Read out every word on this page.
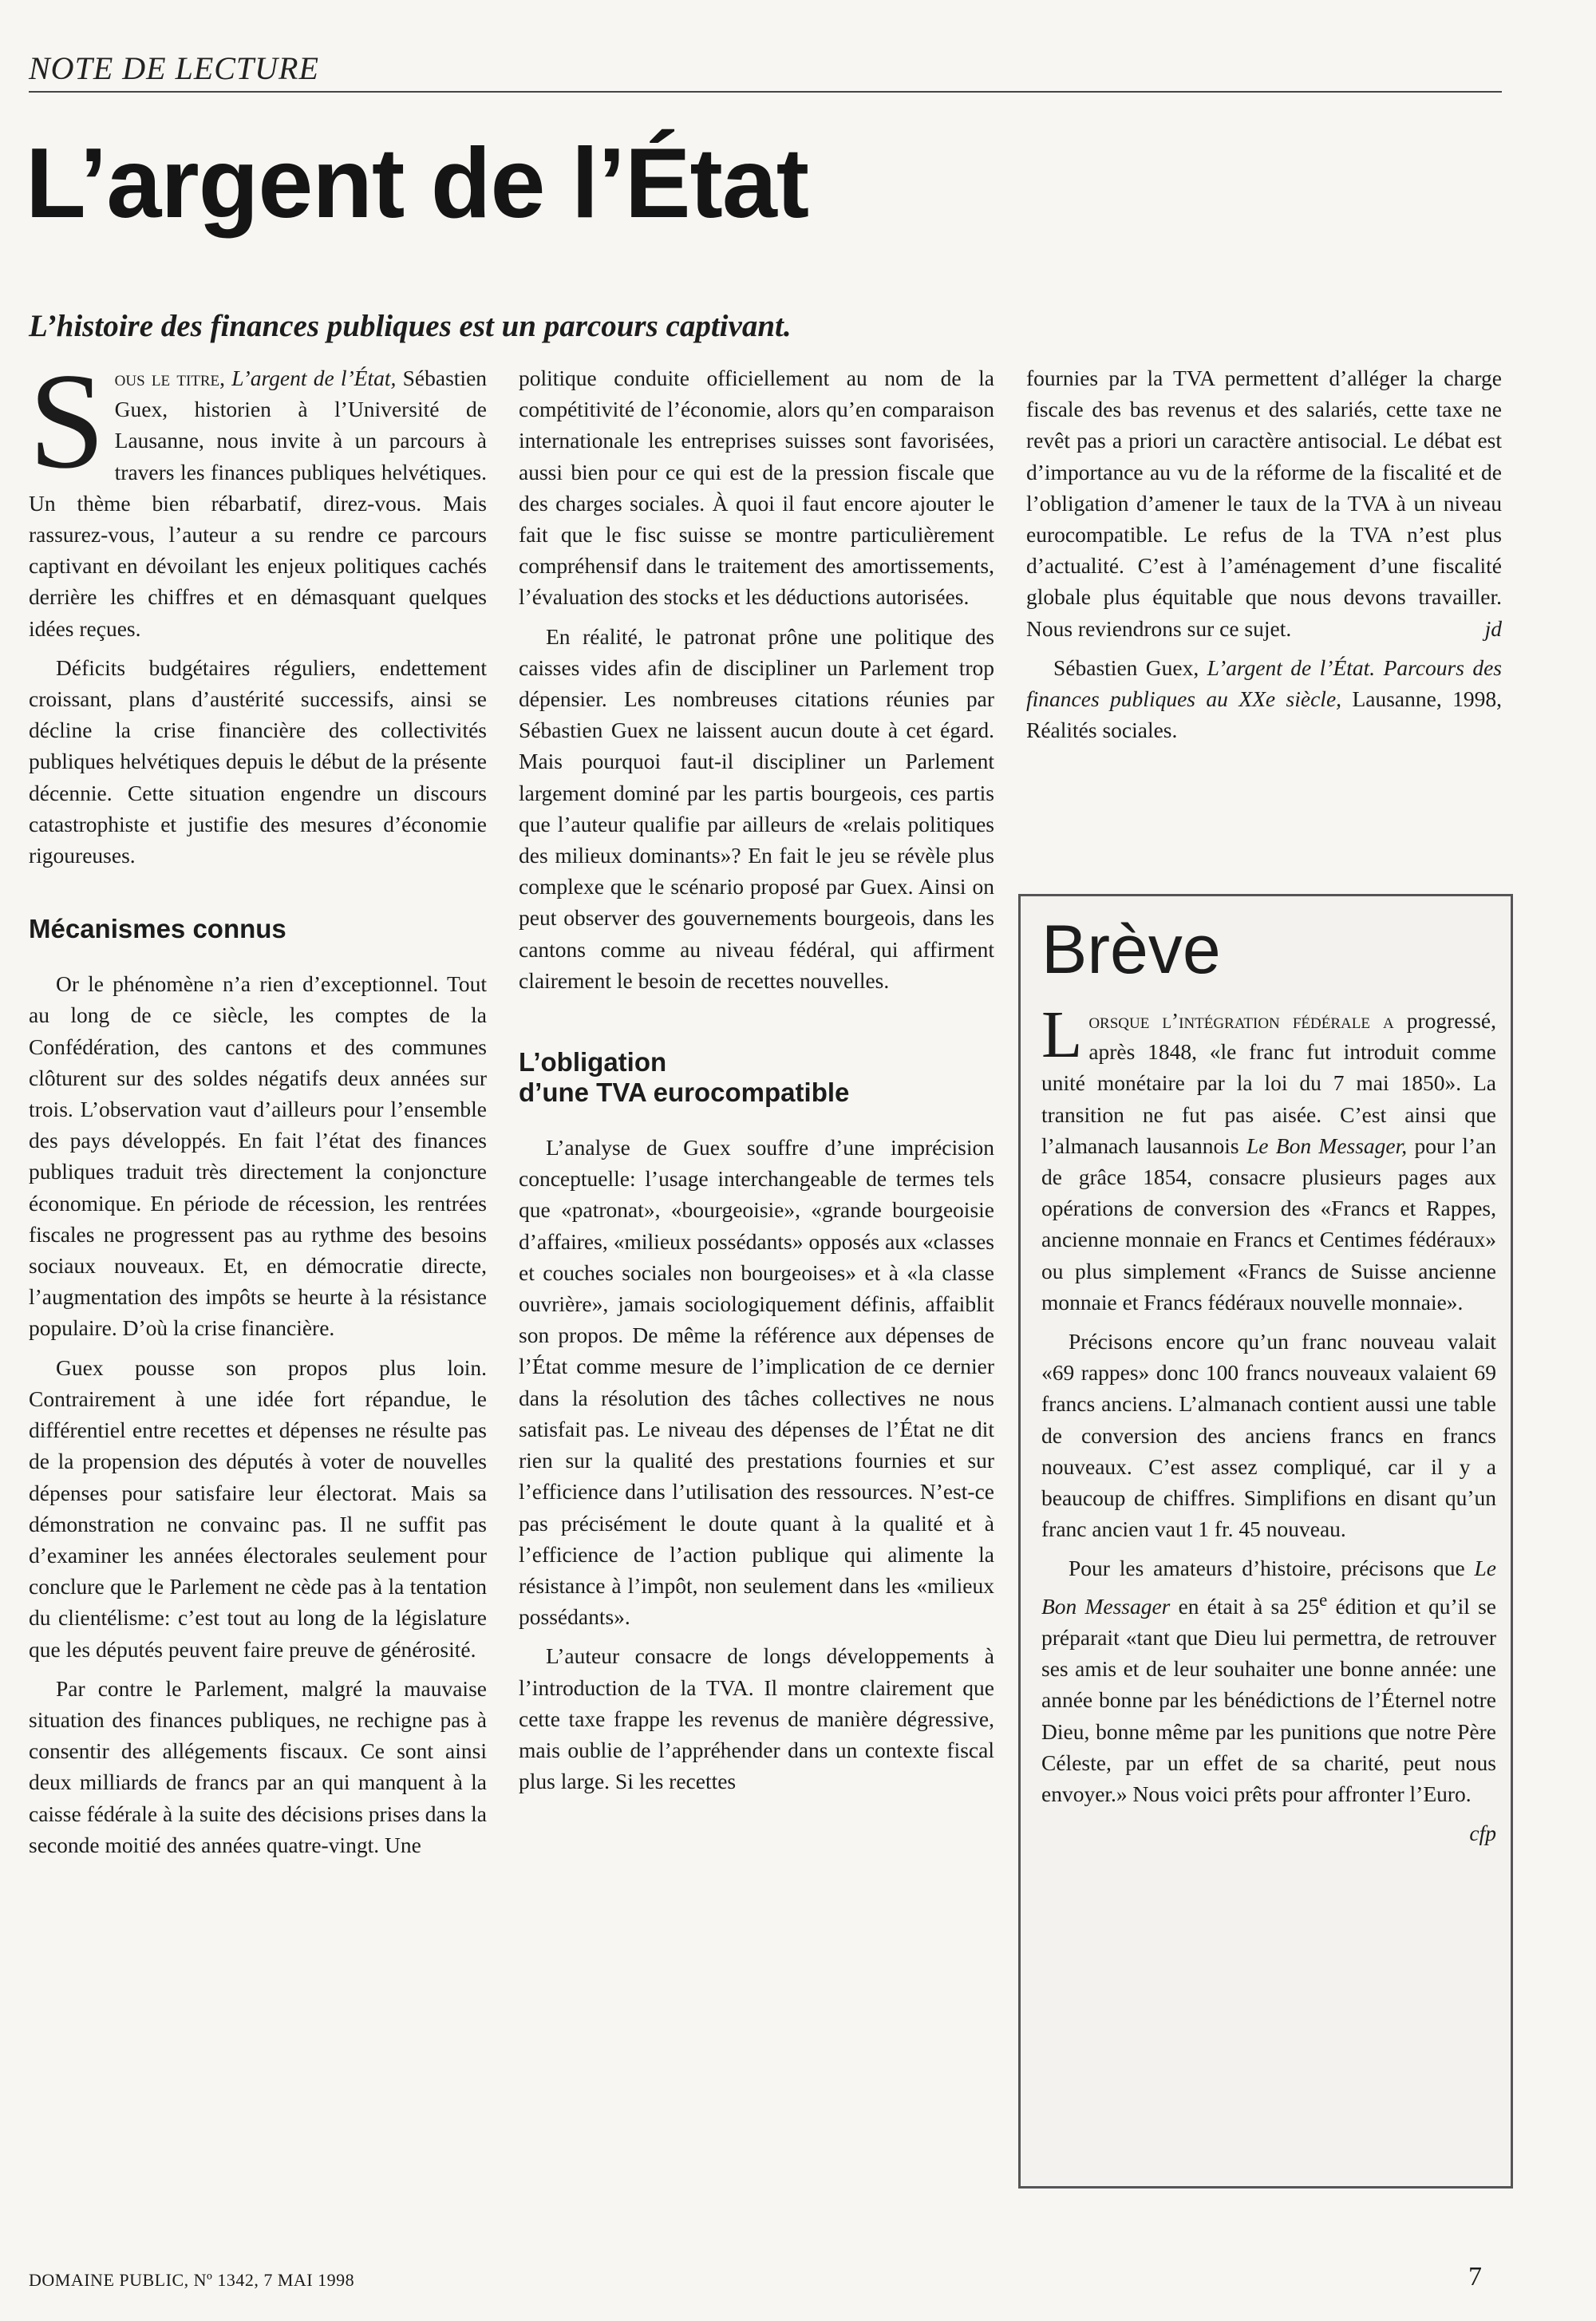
NOTE DE LECTURE
L’argent de l’État
L’histoire des finances publiques est un parcours captivant.

Sous le titre, L’argent de l’État, Sébastien Guex, historien à l’Université de Lausanne, nous invite à un parcours à travers les finances publiques helvétiques. Un thème bien rébarbatif, direz-vous. Mais rassurez-vous, l’auteur a su rendre ce parcours captivant en dévoilant les enjeux politiques cachés derrière les chiffres et en démasquant quelques idées reçues.

Déficits budgétaires réguliers, endettement croissant, plans d’austérité successifs, ainsi se décline la crise financière des collectivités publiques helvétiques depuis le début de la présente décennie. Cette situation engendre un discours catastrophiste et justifie des mesures d’économie rigoureuses.

Mécanismes connus

Or le phénomène n’a rien d’exceptionnel. Tout au long de ce siècle, les comptes de la Confédération, des cantons et des communes clôturent sur des soldes négatifs deux années sur trois. L’observation vaut d’ailleurs pour l’ensemble des pays développés. En fait l’état des finances publiques traduit très directement la conjoncture économique. En période de récession, les rentrées fiscales ne progressent pas au rythme des besoins sociaux nouveaux. Et, en démocratie directe, l’augmentation des impôts se heurte à la résistance populaire. D’où la crise financière.

Guex pousse son propos plus loin. Contrairement à une idée fort répandue, le différentiel entre recettes et dépenses ne résulte pas de la propension des députés à voter de nouvelles dépenses pour satisfaire leur électorat. Mais sa démonstration ne convainc pas. Il ne suffit pas d’examiner les années électorales seulement pour conclure que le Parlement ne cède pas à la tentation du clientélisme: c’est tout au long de la législature que les députés peuvent faire preuve de générosité.

Par contre le Parlement, malgré la mauvaise situation des finances publiques, ne rechigne pas à consentir des allégements fiscaux. Ce sont ainsi deux milliards de francs par an qui manquent à la caisse fédérale à la suite des décisions prises dans la seconde moitié des années quatre-vingt. Une

politique conduite officiellement au nom de la compétitivité de l’économie, alors qu’en comparaison internationale les entreprises suisses sont favorisées, aussi bien pour ce qui est de la pression fiscale que des charges sociales. À quoi il faut encore ajouter le fait que le fisc suisse se montre particulièrement compréhensif dans le traitement des amortissements, l’évaluation des stocks et les déductions autorisées.

En réalité, le patronat prône une politique des caisses vides afin de discipliner un Parlement trop dépensier. Les nombreuses citations réunies par Sébastien Guex ne laissent aucun doute à cet égard. Mais pourquoi faut-il discipliner un Parlement largement dominé par les partis bourgeois, ces partis que l’auteur qualifie par ailleurs de «relais politiques des milieux dominants»? En fait le jeu se révèle plus complexe que le scénario proposé par Guex. Ainsi on peut observer des gouvernements bourgeois, dans les cantons comme au niveau fédéral, qui affirment clairement le besoin de recettes nouvelles.

L’obligation
d’une TVA eurocompatible

L’analyse de Guex souffre d’une imprécision conceptuelle: l’usage interchangeable de termes tels que «patronat», «bourgeoisie», «grande bourgeoisie d’affaires, «milieux possédants» opposés aux «classes et couches sociales non bourgeoises» et à «la classe ouvrière», jamais sociologiquement définis, affaiblit son propos. De même la référence aux dépenses de l’État comme mesure de l’implication de ce dernier dans la résolution des tâches collectives ne nous satisfait pas. Le niveau des dépenses de l’État ne dit rien sur la qualité des prestations fournies et sur l’efficience dans l’utilisation des ressources. N’est-ce pas précisément le doute quant à la qualité et à l’efficience de l’action publique qui alimente la résistance à l’impôt, non seulement dans les «milieux possédants».

L’auteur consacre de longs développements à l’introduction de la TVA. Il montre clairement que cette taxe frappe les revenus de manière dégressive, mais oublie de l’appréhender dans un contexte fiscal plus large. Si les recettes

fournies par la TVA permettent d’alléger la charge fiscale des bas revenus et des salariés, cette taxe ne revêt pas a priori un caractère antisocial. Le débat est d’importance au vu de la réforme de la fiscalité et de l’obligation d’amener le taux de la TVA à un niveau eurocompatible. Le refus de la TVA n’est plus d’actualité. C’est à l’aménagement d’une fiscalité globale plus équitable que nous devons travailler. Nous reviendrons sur ce sujet.	jd

Sébastien Guex, L’argent de l’État. Parcours des finances publiques au XXe siècle, Lausanne, 1998, Réalités sociales.

Brève

Lorsque l’intégration fédérale a progressé, après 1848, «le franc fut introduit comme unité monétaire par la loi du 7 mai 1850». La transition ne fut pas aisée. C’est ainsi que l’almanach lausannois Le Bon Messager, pour l’an de grâce 1854, consacre plusieurs pages aux opérations de conversion des «Francs et Rappes, ancienne monnaie en Francs et Centimes fédéraux» ou plus simplement «Francs de Suisse ancienne monnaie et Francs fédéraux nouvelle monnaie».

Précisons encore qu’un franc nouveau valait «69 rappes» donc 100 francs nouveaux valaient 69 francs anciens. L’almanach contient aussi une table de conversion des anciens francs en francs nouveaux. C’est assez compliqué, car il y a beaucoup de chiffres. Simplifions en disant qu’un franc ancien vaut 1 fr. 45 nouveau.

Pour les amateurs d’histoire, précisons que Le Bon Messager en était à sa 25e édition et qu’il se préparait «tant que Dieu lui permettra, de retrouver ses amis et de leur souhaiter une bonne année: une année bonne par les bénédictions de l’Éternel notre Dieu, bonne même par les punitions que notre Père Céleste, par un effet de sa charité, peut nous envoyer.» Nous voici prêts pour affronter l’Euro.

cfp
DOMAINE PUBLIC, Nº 1342, 7 MAI 1998	7
